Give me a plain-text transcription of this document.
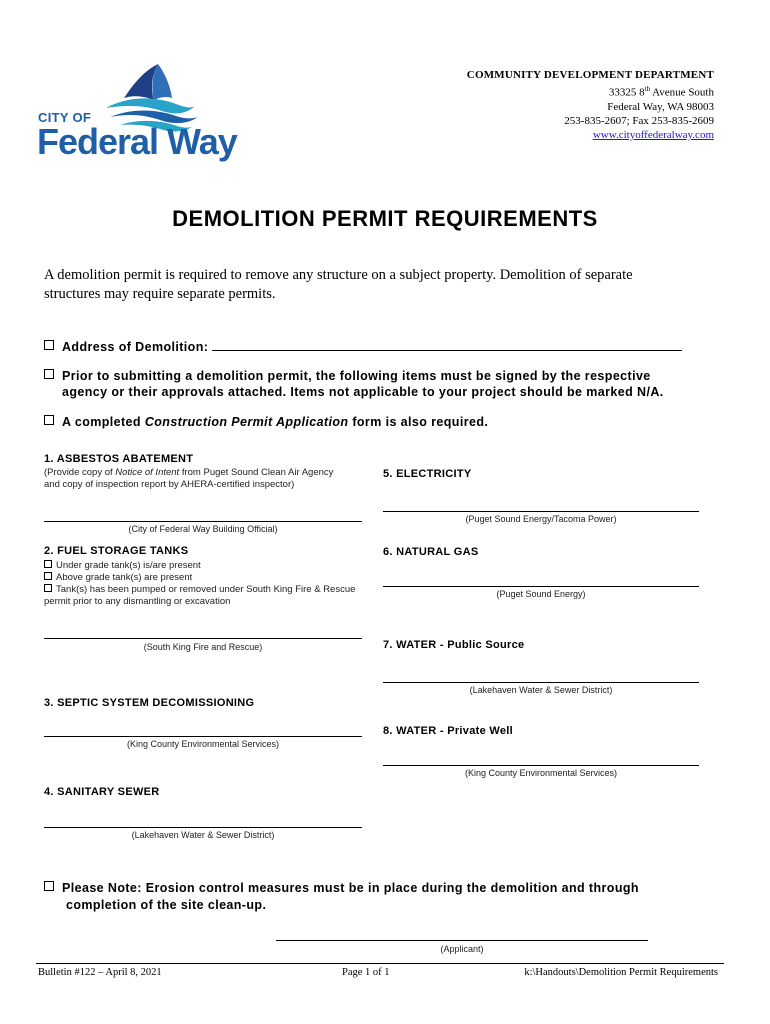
CITY OF
Federal Way
COMMUNITY DEVELOPMENT DEPARTMENT
33325 8th Avenue South
Federal Way, WA 98003
253-835-2607; Fax 253-835-2609
www.cityoffederalway.com
DEMOLITION PERMIT REQUIREMENTS
A demolition permit is required to remove any structure on a subject property. Demolition of separate structures may require separate permits.
Address of Demolition:
Prior to submitting a demolition permit, the following items must be signed by the respective
agency or their approvals attached. Items not applicable to your project should be marked N/A.
A completed Construction Permit Application form is also required.
1. ASBESTOS ABATEMENT
(Provide copy of Notice of Intent from Puget Sound Clean Air Agency
and copy of inspection report by AHERA-certified inspector)
(City of Federal Way Building Official)
2. FUEL STORAGE TANKS
Under grade tank(s) is/are present
Above grade tank(s) are present
Tank(s) has been pumped or removed under South King Fire & Rescue
permit prior to any dismantling or excavation
(South King Fire and Rescue)
3. SEPTIC SYSTEM DECOMISSIONING
(King County Environmental Services)
4. SANITARY SEWER
(Lakehaven Water & Sewer District)
5. ELECTRICITY
(Puget Sound Energy/Tacoma Power)
6. NATURAL GAS
(Puget Sound Energy)
7. WATER - Public Source
(Lakehaven Water & Sewer District)
8. WATER - Private Well
(King County Environmental Services)
Please Note: Erosion control measures must be in place during the demolition and through
completion of the site clean-up.
(Applicant)
Bulletin #122 – April 8, 2021	Page 1 of 1	k:\Handouts\Demolition Permit Requirements
